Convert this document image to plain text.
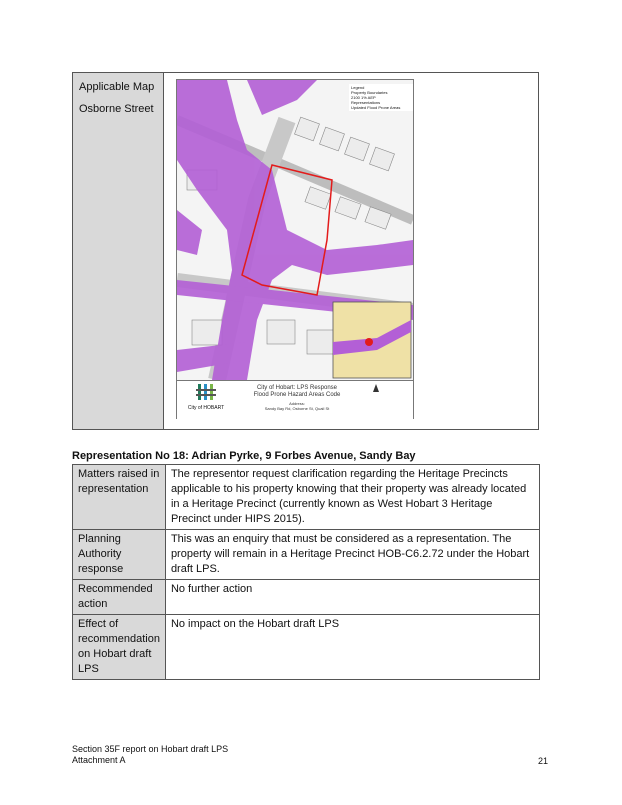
Applicable Map
Osborne Street
Legend
Property Boundaries
2100 1% AEP
Representations
Updated Flood Prone Areas
City of HOBART
City of Hobart: LPS Response
Flood Prone Hazard Areas Code
Address:
Sandy Bay Rd, Osborne St, Quail St
Representation No 18: Adrian Pyrke, 9 Forbes Avenue, Sandy Bay
Matters raised in representation	The representor request clarification regarding the Heritage Precincts applicable to his property knowing that their property was already located in a Heritage Precinct (currently known as West Hobart 3 Heritage Precinct under HIPS 2015).
Planning Authority response	This was an enquiry that must be considered as a representation. The property will remain in a Heritage Precinct HOB-C6.2.72 under the Hobart draft LPS.
Recommended action	No further action
Effect of recommendation on Hobart draft LPS	No impact on the Hobart draft LPS
Section 35F report on Hobart draft LPS
Attachment A	21
